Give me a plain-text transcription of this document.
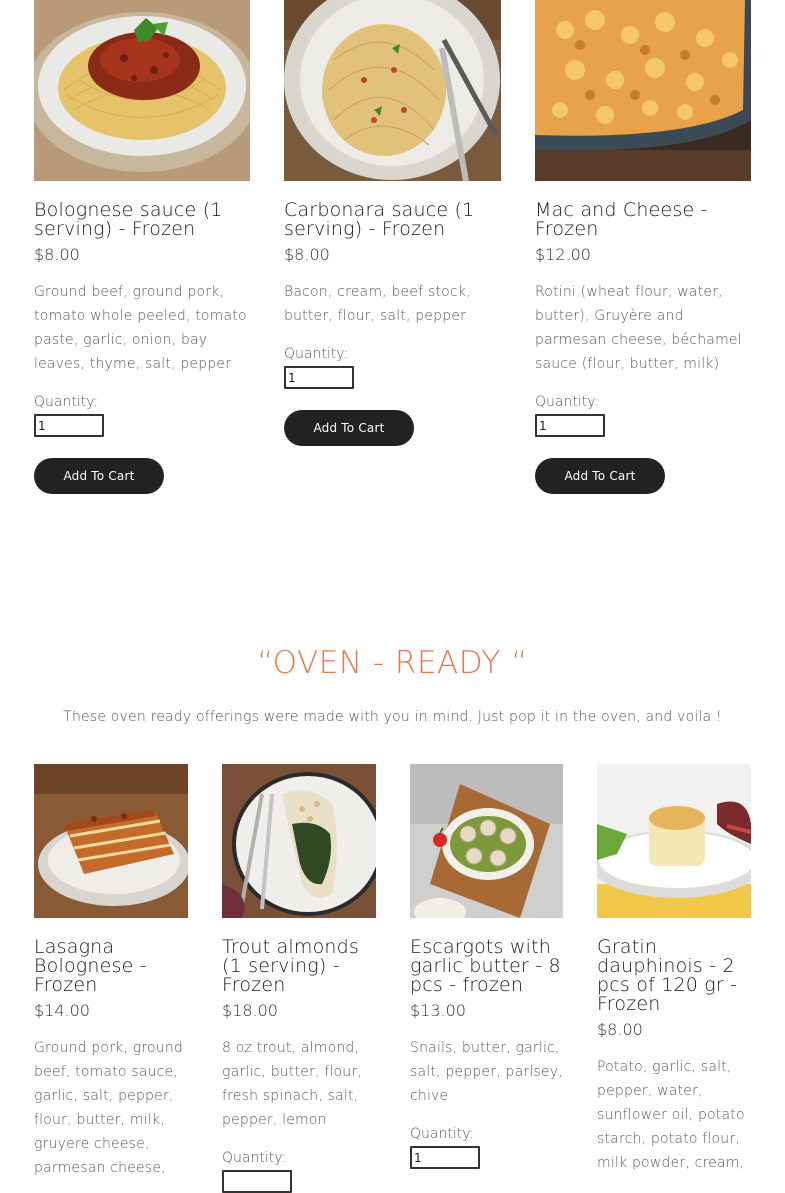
Bolognese sauce (1 serving) - Frozen
$8.00
Ground beef, ground pork, tomato whole peeled, tomato paste, garlic, onion, bay leaves, thyme, salt, pepper
Quantity:
1 Add To Cart
Carbonara sauce (1 serving) - Frozen
$8.00
Bacon, cream, beef stock, butter, flour, salt, pepper
Quantity:
1 Add To Cart
Mac and Cheese - Frozen
$12.00
Rotini (wheat flour, water, butter), Gruyère and parmesan cheese, béchamel sauce (flour, butter, milk)
Quantity:
1 Add To Cart
“OVEN - READY “

These oven ready offerings were made with you in mind. Just pop it in the oven, and voila !

Lasagna Bolognese - Frozen
$14.00
Ground pork, ground beef, tomato sauce, garlic, salt, pepper, flour, butter, milk, gruyere cheese, parmesan cheese,
Trout almonds (1 serving) - Frozen
$18.00
8 oz trout, almond, garlic, butter, flour, fresh spinach, salt, pepper, lemon
Quantity:
Escargots with garlic butter - 8 pcs - frozen
$13.00
Snails, butter, garlic, salt, pepper, parlsey, chive
Quantity:
1
Gratin dauphinois - 2 pcs of 120 gr - Frozen
$8.00
Potato, garlic, salt, pepper, water, sunflower oil, potato starch, potato flour, milk powder, cream,
